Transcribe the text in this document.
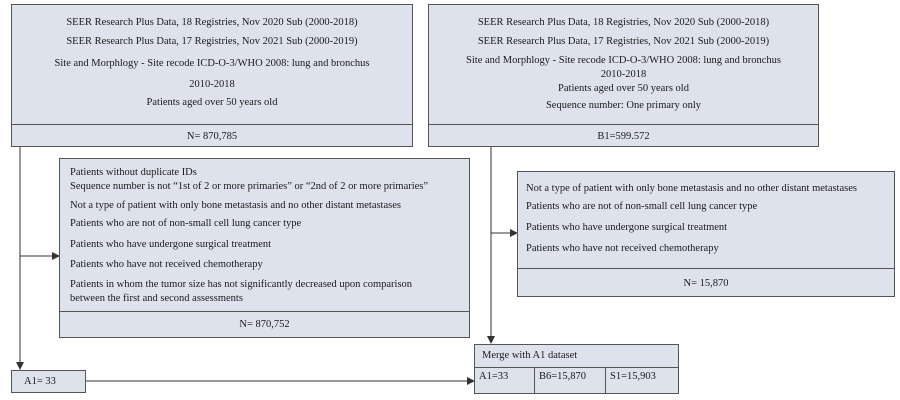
SEER Research Plus Data, 18 Registries, Nov 2020 Sub (2000-2018)
SEER Research Plus Data, 17 Registries, Nov 2021 Sub (2000-2019)
Site and Morphlogy - Site recode ICD-O-3/WHO 2008: lung and bronchus
2010-2018
Patients aged over 50 years old
N= 870,785
SEER Research Plus Data, 18 Registries, Nov 2020 Sub (2000-2018)
SEER Research Plus Data, 17 Registries, Nov 2021 Sub (2000-2019)
Site and Morphlogy - Site recode ICD-O-3/WHO 2008: lung and bronchus
2010-2018
Patients aged over 50 years old
Sequence number: One primary only
B1=599.572
Patients without duplicate IDs
Sequence number is not “1st of 2 or more primaries” or “2nd of 2 or more primaries”
Not a type of patient with only bone metastasis and no other distant metastases
Patients who are not of non-small cell lung cancer type
Patients who have undergone surgical treatment
Patients who have not received chemotherapy
Patients in whom the tumor size has not significantly decreased upon comparison
between the first and second assessments
N= 870,752
Not a type of patient with only bone metastasis and no other distant metastases
Patients who are not of non-small cell lung cancer type
Patients who have undergone surgical treatment
Patients who have not received chemotherapy
N= 15,870
A1= 33
Merge with A1 dataset
A1=33	B6=15,870	S1=15,903
